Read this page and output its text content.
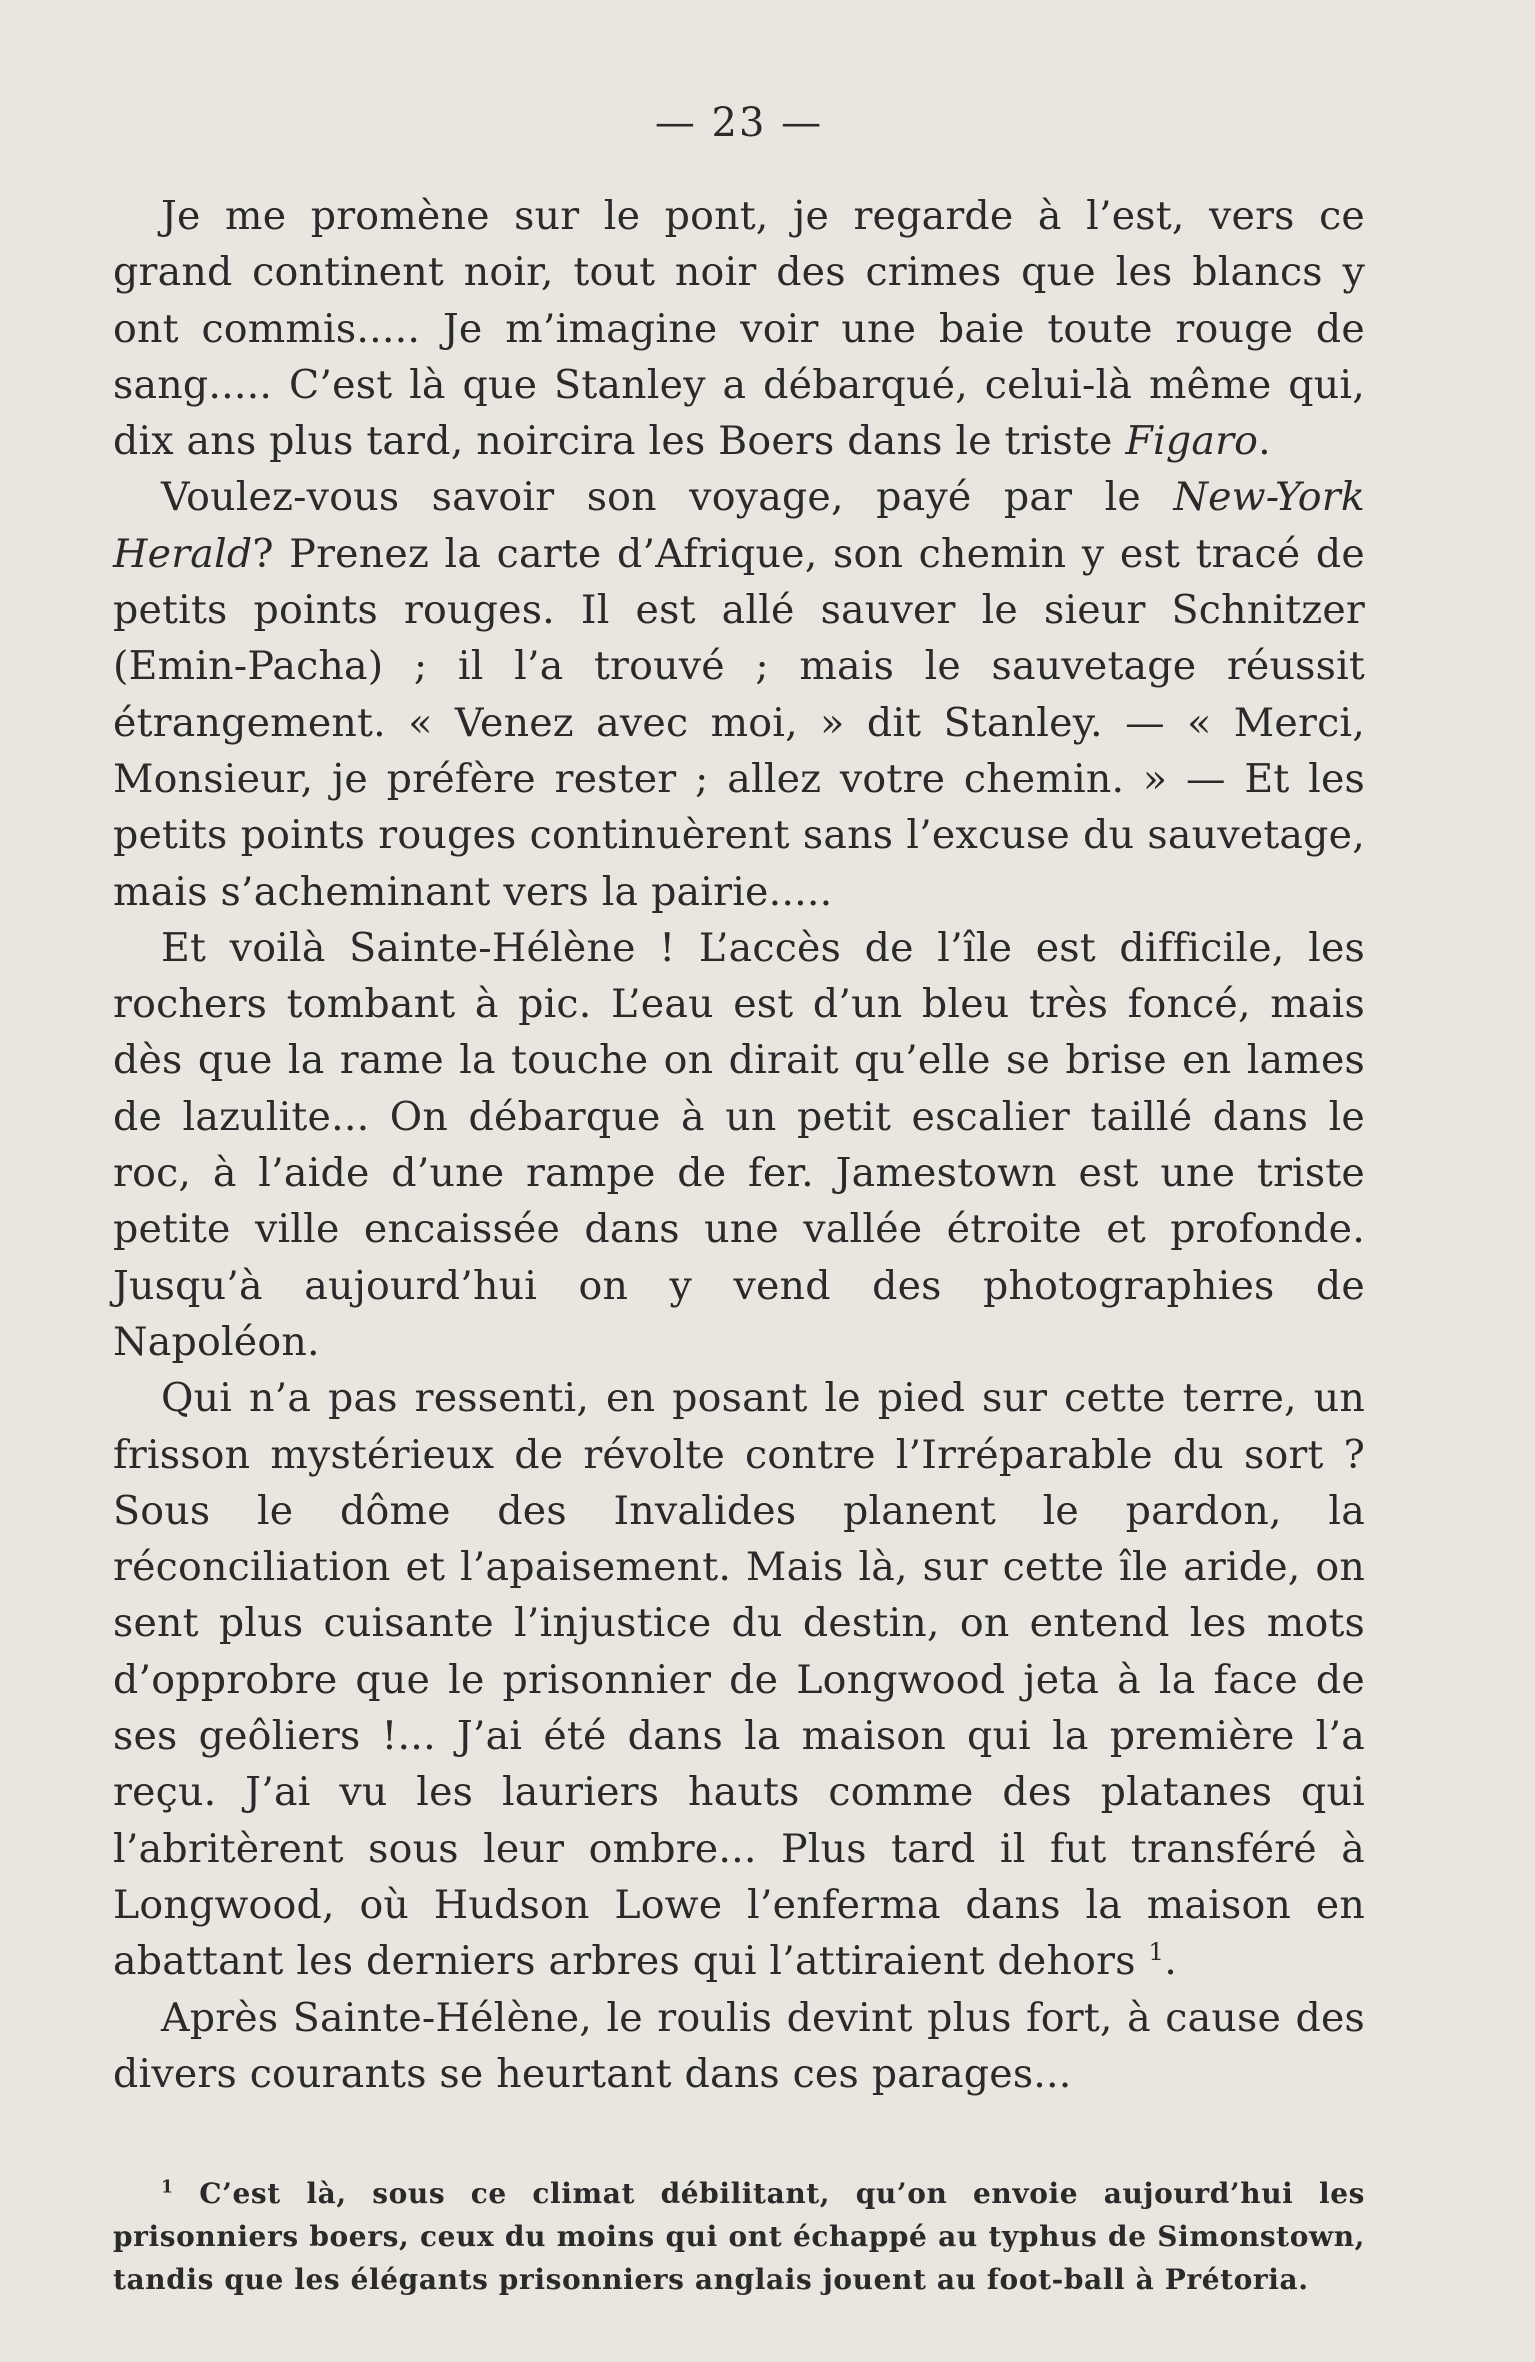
— 23 —

Je me promène sur le pont, je regarde à l’est, vers ce grand continent noir, tout noir des crimes que les blancs y ont commis..... Je m’imagine voir une baie toute rouge de sang..... C’est là que Stanley a débarqué, celui-là même qui, dix ans plus tard, noircira les Boers dans le triste Figaro.

Voulez-vous savoir son voyage, payé par le New-York Herald? Prenez la carte d’Afrique, son chemin y est tracé de petits points rouges. Il est allé sauver le sieur Schnitzer (Emin-Pacha) ; il l’a trouvé ; mais le sauvetage réussit étrangement. « Venez avec moi, » dit Stanley. — « Merci, Monsieur, je préfère rester ; allez votre chemin. » — Et les petits points rouges continuèrent sans l’excuse du sauvetage, mais s’acheminant vers la pairie.....

Et voilà Sainte-Hélène ! L’accès de l’île est difficile, les rochers tombant à pic. L’eau est d’un bleu très foncé, mais dès que la rame la touche on dirait qu’elle se brise en lames de lazulite... On débarque à un petit escalier taillé dans le roc, à l’aide d’une rampe de fer. Jamestown est une triste petite ville encaissée dans une vallée étroite et profonde. Jusqu’à aujourd’hui on y vend des photographies de Napoléon.

Qui n’a pas ressenti, en posant le pied sur cette terre, un frisson mystérieux de révolte contre l’Irréparable du sort ? Sous le dôme des Invalides planent le pardon, la réconciliation et l’apaisement. Mais là, sur cette île aride, on sent plus cuisante l’injustice du destin, on entend les mots d’opprobre que le prisonnier de Longwood jeta à la face de ses geôliers !... J’ai été dans la maison qui la première l’a reçu. J’ai vu les lauriers hauts comme des platanes qui l’abritèrent sous leur ombre... Plus tard il fut transféré à Longwood, où Hudson Lowe l’enferma dans la maison en abattant les derniers arbres qui l’attiraient dehors $^1$.

Après Sainte-Hélène, le roulis devint plus fort, à cause des divers courants se heurtant dans ces parages...

$^1$ C’est là, sous ce climat débilitant, qu’on envoie aujourd’hui les prisonniers boers, ceux du moins qui ont échappé au typhus de Simonstown, tandis que les élégants prisonniers anglais jouent au foot-ball à Prétoria.
